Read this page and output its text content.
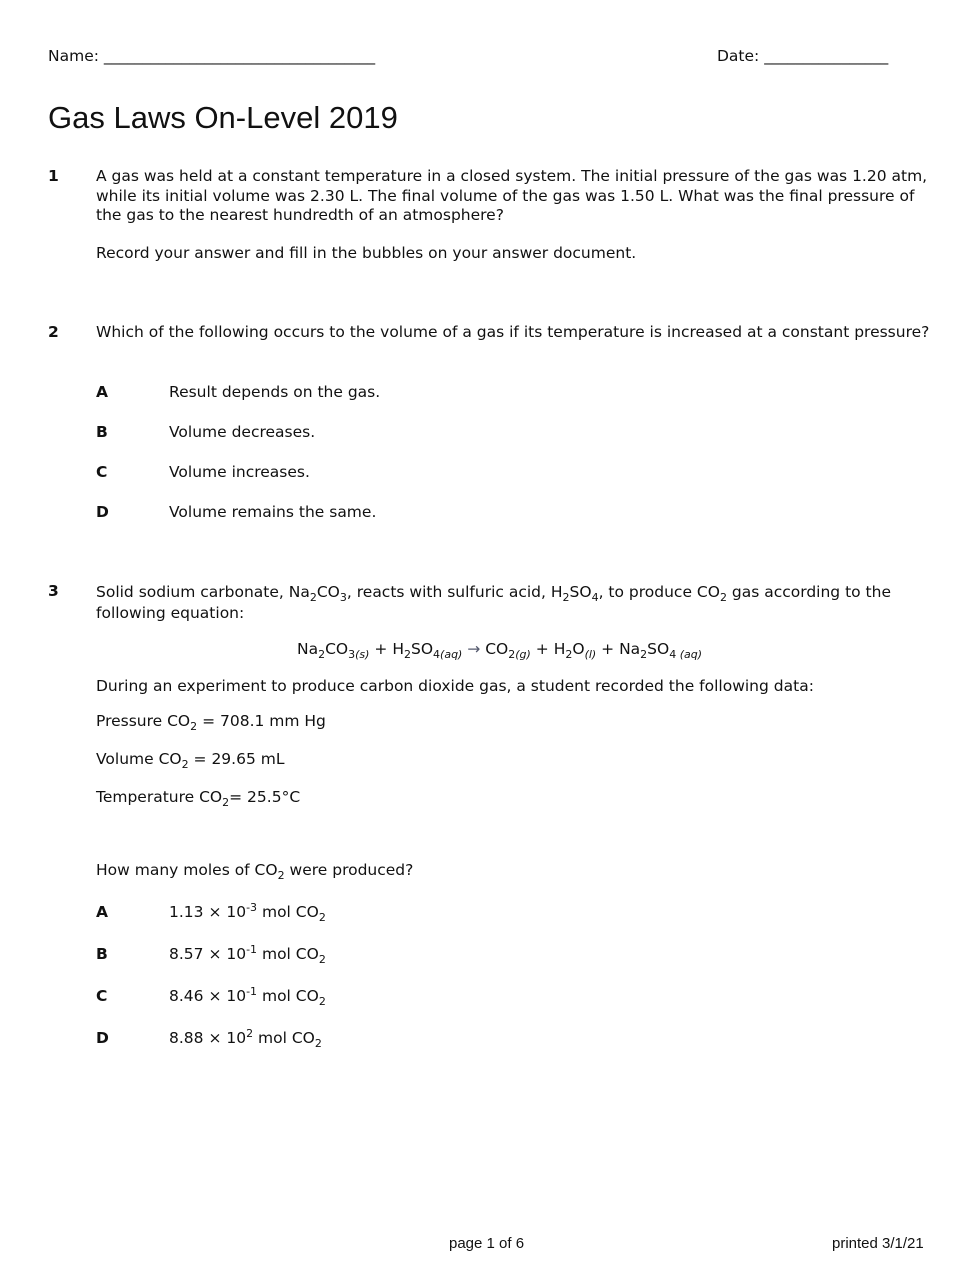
Name: ___________________________________	Date: ________________
Gas Laws On-Level 2019
1 A gas was held at a constant temperature in a closed system. The initial pressure of the gas was 1.20 atm, while its initial volume was 2.30 L. The final volume of the gas was 1.50 L. What was the final pressure of the gas to the nearest hundredth of an atmosphere?
Record your answer and fill in the bubbles on your answer document.
2 Which of the following occurs to the volume of a gas if its temperature is increased at a constant pressure?
A	Result depends on the gas.
B	Volume decreases.
C	Volume increases.
D	Volume remains the same.
3 Solid sodium carbonate, $Na_2CO_3$, reacts with sulfuric acid, $H_2SO_4$, to produce $CO_2$ gas according to the following equation:
$Na_2CO_{3(s)} + H_2SO_{4(aq)} \to CO_{2(g)} + H_2O_{(l)} + Na_2SO_{4 (aq)}$
During an experiment to produce carbon dioxide gas, a student recorded the following data:
Pressure $CO_2 = 708.1$ mm Hg
Volume $CO_2 = 29.65$ mL
Temperature $CO_2= 25.5^\circ C$
How many moles of $CO_2$ were produced?
A	$1.13 \times 10^{-3}$ mol $CO_2$
B	$8.57 \times 10^{-1}$ mol $CO_2$
C	$8.46 \times 10^{-1}$ mol $CO_2$
D	$8.88 \times 10^2$ mol $CO_2$
page 1 of 6	printed 3/1/21
